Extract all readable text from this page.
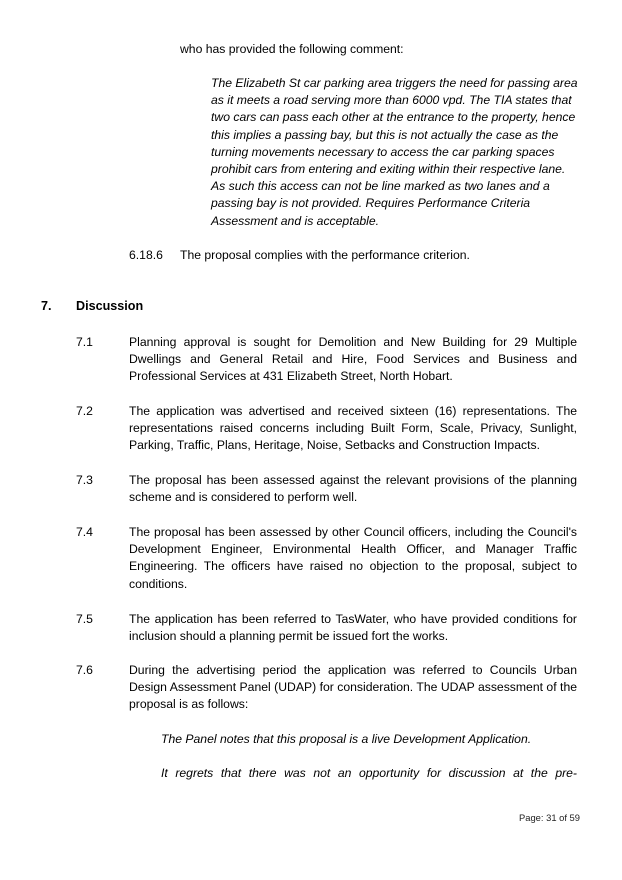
who has provided the following comment:
The Elizabeth St car parking area triggers the need for passing area as it meets a road serving more than 6000 vpd. The TIA states that two cars can pass each other at the entrance to the property, hence this implies a passing bay, but this is not actually the case as the turning movements necessary to access the car parking spaces prohibit cars from entering and exiting within their respective lane. As such this access can not be line marked as two lanes and a passing bay is not provided. Requires Performance Criteria Assessment and is acceptable.
6.18.6 The proposal complies with the performance criterion.
7. Discussion
7.1	Planning approval is sought for Demolition and New Building for 29 Multiple Dwellings and General Retail and Hire, Food Services and Business and Professional Services at 431 Elizabeth Street, North Hobart.
7.2	The application was advertised and received sixteen (16) representations. The representations raised concerns including Built Form, Scale, Privacy, Sunlight, Parking, Traffic, Plans, Heritage, Noise, Setbacks and Construction Impacts.
7.3	The proposal has been assessed against the relevant provisions of the planning scheme and is considered to perform well.
7.4	The proposal has been assessed by other Council officers, including the Council's Development Engineer, Environmental Health Officer, and Manager Traffic Engineering. The officers have raised no objection to the proposal, subject to conditions.
7.5	The application has been referred to TasWater, who have provided conditions for inclusion should a planning permit be issued fort the works.
7.6	During the advertising period the application was referred to Councils Urban Design Assessment Panel (UDAP) for consideration. The UDAP assessment of the proposal is as follows:
The Panel notes that this proposal is a live Development Application.
It regrets that there was not an opportunity for discussion at the pre-
Page: 31 of 59
